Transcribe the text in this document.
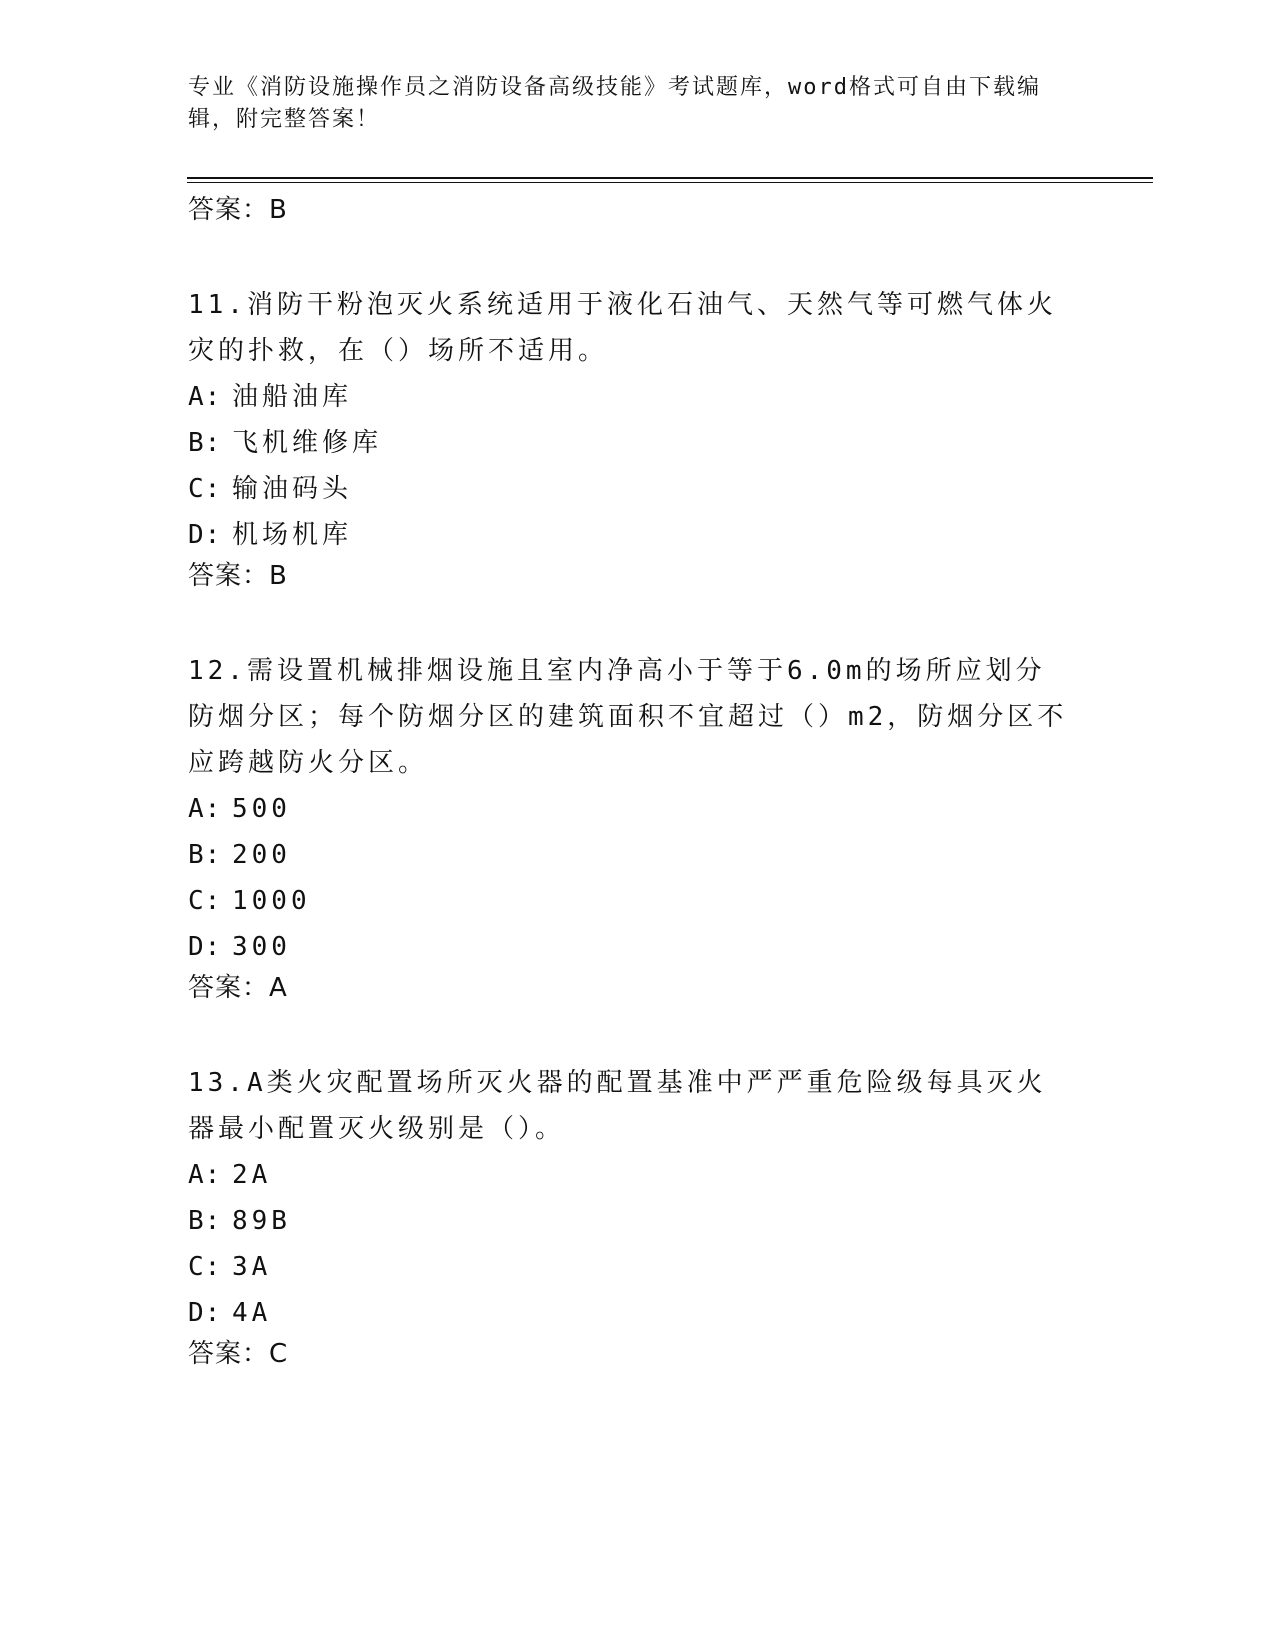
专业《消防设施操作员之消防设备高级技能》考试题库，word格式可自由下载编辑，附完整答案！

答案：B

11.消防干粉泡灭火系统适用于液化石油气、天然气等可燃气体火灾的扑救，在（）场所不适用。

A: 油船油库
B: 飞机维修库
C: 输油码头
D: 机场机库

答案：B

12.需设置机械排烟设施且室内净高小于等于6.0m的场所应划分防烟分区；每个防烟分区的建筑面积不宜超过（）m2，防烟分区不应跨越防火分区。

A: 500
B: 200
C: 1000
D: 300

答案：A

13.A类火灾配置场所灭火器的配置基准中严严重危险级每具灭火器最小配置灭火级别是（）。

A: 2A
B: 89B
C: 3A
D: 4A

答案：C
